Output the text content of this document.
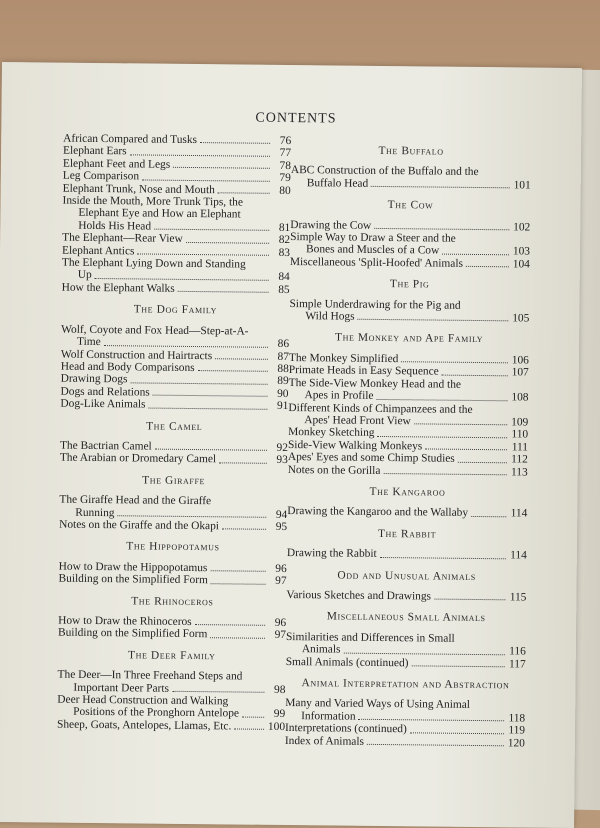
CONTENTS
African Compared and Tusks	76
Elephant Ears	77
Elephant Feet and Legs	78
Leg Comparison	79
Elephant Trunk, Nose and Mouth	80
Inside the Mouth, More Trunk Tips, the
Elephant Eye and How an Elephant
Holds His Head	81
The Elephant—Rear View	82
Elephant Antics	83
The Elephant Lying Down and Standing
Up	84
How the Elephant Walks	85
The Dog Family
Wolf, Coyote and Fox Head—Step-at-A-
Time	86
Wolf Construction and Hairtracts	87
Head and Body Comparisons	88
Drawing Dogs	89
Dogs and Relations	90
Dog-Like Animals	91
The Camel
The Bactrian Camel	92
The Arabian or Dromedary Camel	93
The Giraffe
The Giraffe Head and the Giraffe
Running	94
Notes on the Giraffe and the Okapi	95
The Hippopotamus
How to Draw the Hippopotamus	96
Building on the Simplified Form	97
The Rhinoceros
How to Draw the Rhinoceros	96
Building on the Simplified Form	97
The Deer Family
The Deer—In Three Freehand Steps and
Important Deer Parts	98
Deer Head Construction and Walking
Positions of the Pronghorn Antelope	99
Sheep, Goats, Antelopes, Llamas, Etc.	100
The Buffalo
ABC Construction of the Buffalo and the
Buffalo Head	101
The Cow
Drawing the Cow	102
Simple Way to Draw a Steer and the
Bones and Muscles of a Cow	103
Miscellaneous 'Split-Hoofed' Animals	104
The Pig
Simple Underdrawing for the Pig and
Wild Hogs	105
The Monkey and Ape Family
The Monkey Simplified	106
Primate Heads in Easy Sequence	107
The Side-View Monkey Head and the
Apes in Profile	108
Different Kinds of Chimpanzees and the
Apes' Head Front View	109
Monkey Sketching	110
Side-View Walking Monkeys	111
Apes' Eyes and some Chimp Studies	112
Notes on the Gorilla	113
The Kangaroo
Drawing the Kangaroo and the Wallaby	114
The Rabbit
Drawing the Rabbit	114
Odd and Unusual Animals
Various Sketches and Drawings	115
Miscellaneous Small Animals
Similarities and Differences in Small
Animals	116
Small Animals (continued)	117
Animal Interpretation and Abstraction
Many and Varied Ways of Using Animal
Information	118
Interpretations (continued)	119
Index of Animals	120
